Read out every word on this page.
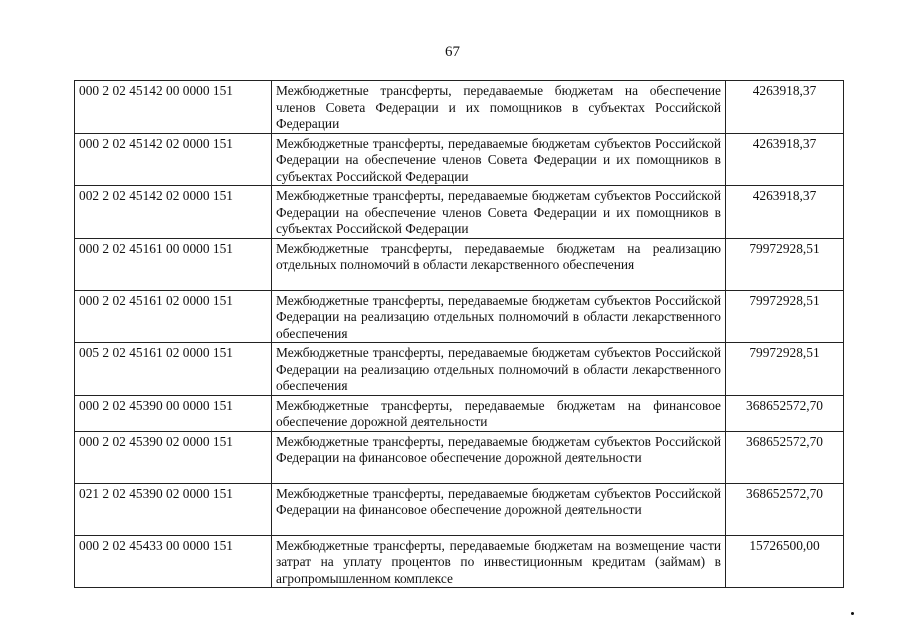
67
000 2 02 45142 00 0000 151	Межбюджетные трансферты, передаваемые бюджетам на обеспечение членов Совета Федерации и их помощников в субъектах Российской Федерации	4263918,37
000 2 02 45142 02 0000 151	Межбюджетные трансферты, передаваемые бюджетам субъектов Российской Федерации на обеспечение членов Совета Федерации и их помощников в субъектах Российской Федерации	4263918,37
002 2 02 45142 02 0000 151	Межбюджетные трансферты, передаваемые бюджетам субъектов Российской Федерации на обеспечение членов Совета Федерации и их помощников в субъектах Российской Федерации	4263918,37
000 2 02 45161 00 0000 151	Межбюджетные трансферты, передаваемые бюджетам на реализацию отдельных полномочий в области лекарственного обеспечения	79972928,51
000 2 02 45161 02 0000 151	Межбюджетные трансферты, передаваемые бюджетам субъектов Российской Федерации на реализацию отдельных полномочий в области лекарственного обеспечения	79972928,51
005 2 02 45161 02 0000 151	Межбюджетные трансферты, передаваемые бюджетам субъектов Российской Федерации на реализацию отдельных полномочий в области лекарственного обеспечения	79972928,51
000 2 02 45390 00 0000 151	Межбюджетные трансферты, передаваемые бюджетам на финансовое обеспечение дорожной деятельности	368652572,70
000 2 02 45390 02 0000 151	Межбюджетные трансферты, передаваемые бюджетам субъектов Российской Федерации на финансовое обеспечение дорожной деятельности	368652572,70
021 2 02 45390 02 0000 151	Межбюджетные трансферты, передаваемые бюджетам субъектов Российской Федерации на финансовое обеспечение дорожной деятельности	368652572,70
000 2 02 45433 00 0000 151	Межбюджетные трансферты, передаваемые бюджетам на возмещение части затрат на уплату процентов по инвестиционным кредитам (займам) в агропромышленном комплексе	15726500,00
